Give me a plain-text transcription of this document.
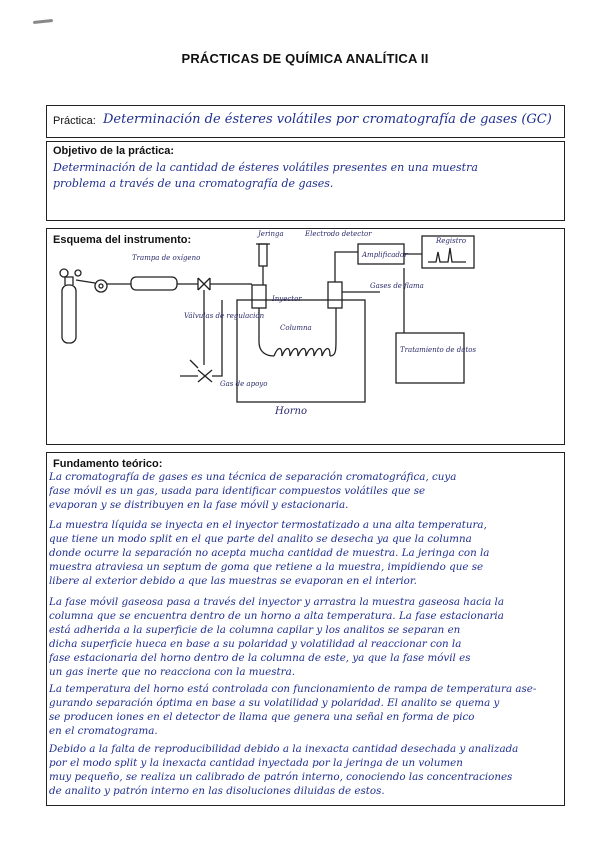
PRÁCTICAS DE QUÍMICA ANALÍTICA II
Práctica: Determinación de ésteres volátiles por cromatografía de gases (GC)
Objetivo de la práctica:
Determinación de la cantidad de ésteres volátiles presentes en una muestra
problema a través de una cromatografía de gases.
Esquema del instrumento:	Jeringa	Electrodo detector
Trampa de oxígeno	Amplificador
Registro
Inyector
Gases de flama
Válvulas de regulación
Columna
Tratamiento de datos
Gas de apoyo
Horno
Fundamento teórico:
La cromatografía de gases es una técnica de separación cromatográfica, cuya
fase móvil es un gas, usada para identificar compuestos volátiles que se
evaporan y se distribuyen en la fase móvil y estacionaria.
La muestra líquida se inyecta en el inyector termostatizado a una alta temperatura,
que tiene un modo split en el que parte del analito se desecha ya que la columna
donde ocurre la separación no acepta mucha cantidad de muestra. La jeringa con la
muestra atraviesa un septum de goma que retiene a la muestra, impidiendo que se
libere al exterior debido a que las muestras se evaporan en el interior.
La fase móvil gaseosa pasa a través del inyector y arrastra la muestra gaseosa hacia la
columna que se encuentra dentro de un horno a alta temperatura. La fase estacionaria
está adherida a la superficie de la columna capilar y los analitos se separan en
dicha superficie hueca en base a su polaridad y volatilidad al reaccionar con la
fase estacionaria del horno dentro de la columna de este, ya que la fase móvil es
un gas inerte que no reacciona con la muestra.
La temperatura del horno está controlada con funcionamiento de rampa de temperatura ase-
gurando separación óptima en base a su volatilidad y polaridad. El analito se quema y
se producen iones en el detector de llama que genera una señal en forma de pico
en el cromatograma.
Debido a la falta de reproducibilidad debido a la inexacta cantidad desechada y analizada
por el modo split y la inexacta cantidad inyectada por la jeringa de un volumen
muy pequeño, se realiza un calibrado de patrón interno, conociendo las concentraciones
de analito y patrón interno en las disoluciones diluidas de estos.
